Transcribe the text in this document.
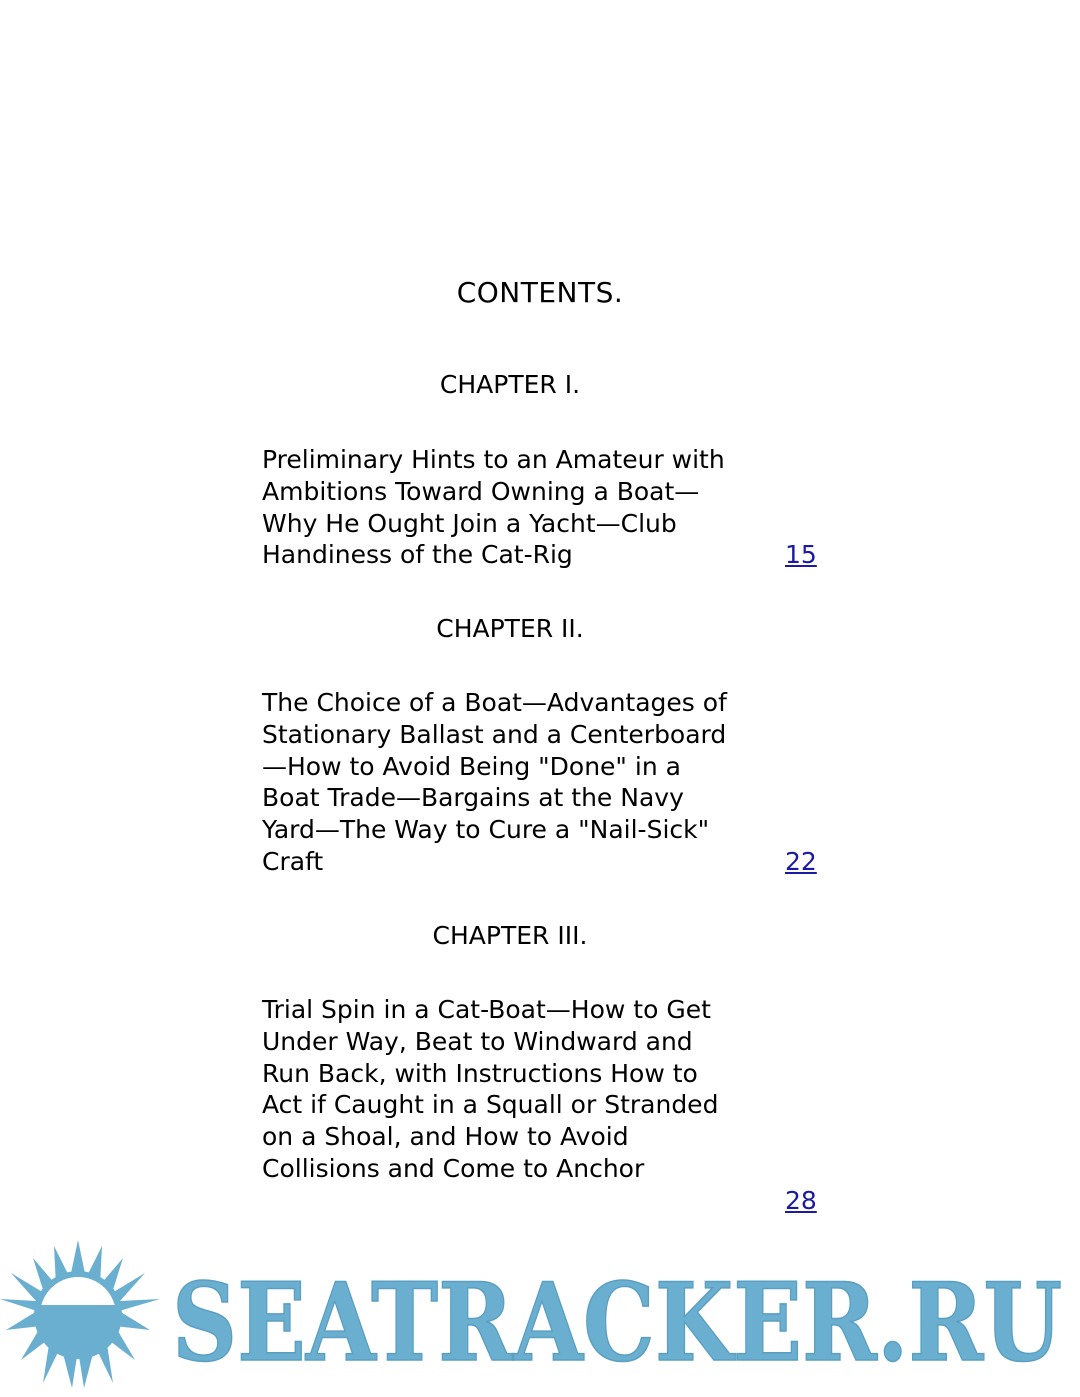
CONTENTS.
CHAPTER I.
Preliminary Hints to an Amateur with Ambitions Toward Owning a Boat—Why He Ought Join a Yacht—Club Handiness of the Cat-Rig	15
CHAPTER II.
The Choice of a Boat—Advantages of Stationary Ballast and a Centerboard—How to Avoid Being "Done" in a Boat Trade—Bargains at the Navy Yard—The Way to Cure a "Nail-Sick" Craft	22
CHAPTER III.
Trial Spin in a Cat-Boat—How to Get Under Way, Beat to Windward and Run Back, with Instructions How to Act if Caught in a Squall or Stranded on a Shoal, and How to Avoid Collisions and Come to Anchor
28
SEATRACKER.RU
